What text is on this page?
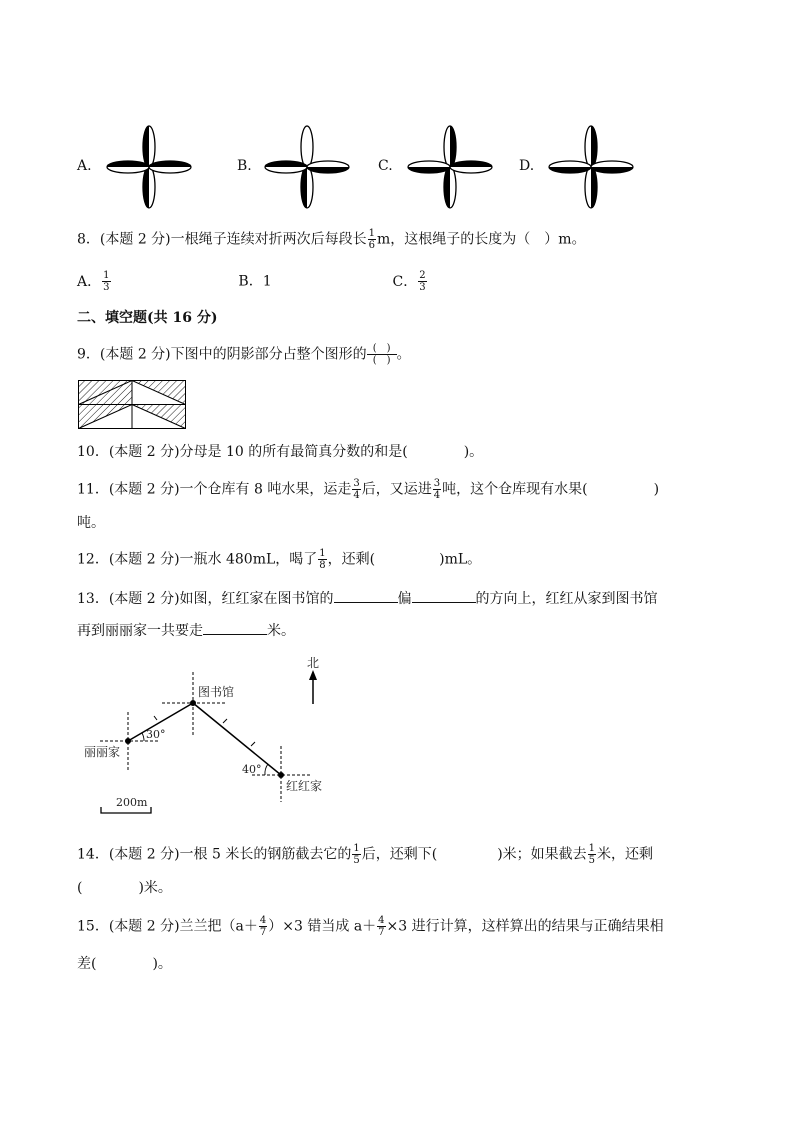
A.	B.	C.	D.
8．(本题 2 分)一根绳子连续对折两次后每段长 $\frac{1}{6}$ m，这根绳子的长度为（　）m。
A． $\frac{1}{3}$	B．1	C． $\frac{2}{3}$
二、填空题(共 16 分)
9．(本题 2 分)下图中的阴影部分占整个图形的 $\frac{( )}{( )}$。
10．(本题 2 分)分母是 10 的所有最简真分数的和是(　　　　)。
11．(本题 2 分)一个仓库有 8 吨水果，运走 $\frac{3}{4}$ 后，又运进 $\frac{3}{4}$ 吨，这个仓库现有水果(	)
吨。
12．(本题 2 分)一瓶水 480mL，喝了 $\frac{1}{8}$ ，还剩(	)mL。
13．(本题 2 分)如图，红红家在图书馆的	偏	的方向上，红红从家到图书馆
再到丽丽家一共要走	米。
北
图书馆
丽丽家
红红家
30°
40°
200m
14．(本题 2 分)一根 5 米长的钢筋截去它的 $\frac{1}{5}$ 后，还剩下(	)米；如果截去 $\frac{1}{5}$ 米，还剩
(　　　　)米。
15．(本题 2 分)兰兰把$(a+ \frac{4}{7} )\times 3$ 错当成 $a+ \frac{4}{7} \times 3$ 进行计算，这样算出的结果与正确结果相
差(　　　　)。
